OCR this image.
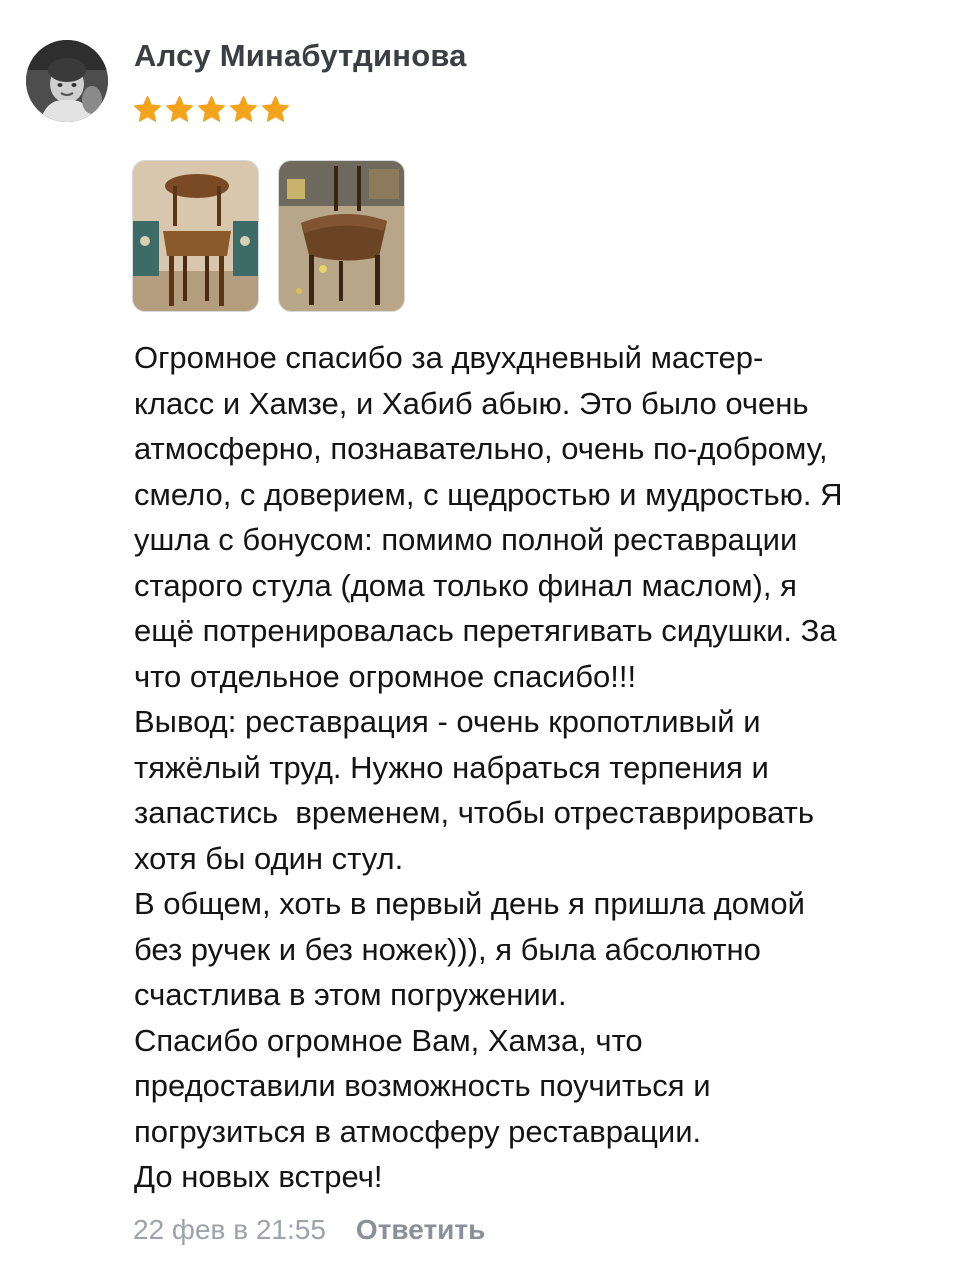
Алсу Минабутдинова
Огромное спасибо за двухдневный мастер-
класс и Хамзе, и Хабиб абыю. Это было очень
атмосферно, познавательно, очень по-доброму,
смело, с доверием, с щедростью и мудростью. Я
ушла с бонусом: помимо полной реставрации
старого стула (дома только финал маслом), я
ещё потренировалась перетягивать сидушки. За
что отдельное огромное спасибо!!!
Вывод: реставрация - очень кропотливый и
тяжёлый труд. Нужно набраться терпения и
запастись  временем, чтобы отреставрировать
хотя бы один стул.
В общем, хоть в первый день я пришла домой
без ручек и без ножек))), я была абсолютно
счастлива в этом погружении.
Спасибо огромное Вам, Хамза, что
предоставили возможность поучиться и
погрузиться в атмосферу реставрации.
До новых встреч!
22 фев в 21:55 Ответить
